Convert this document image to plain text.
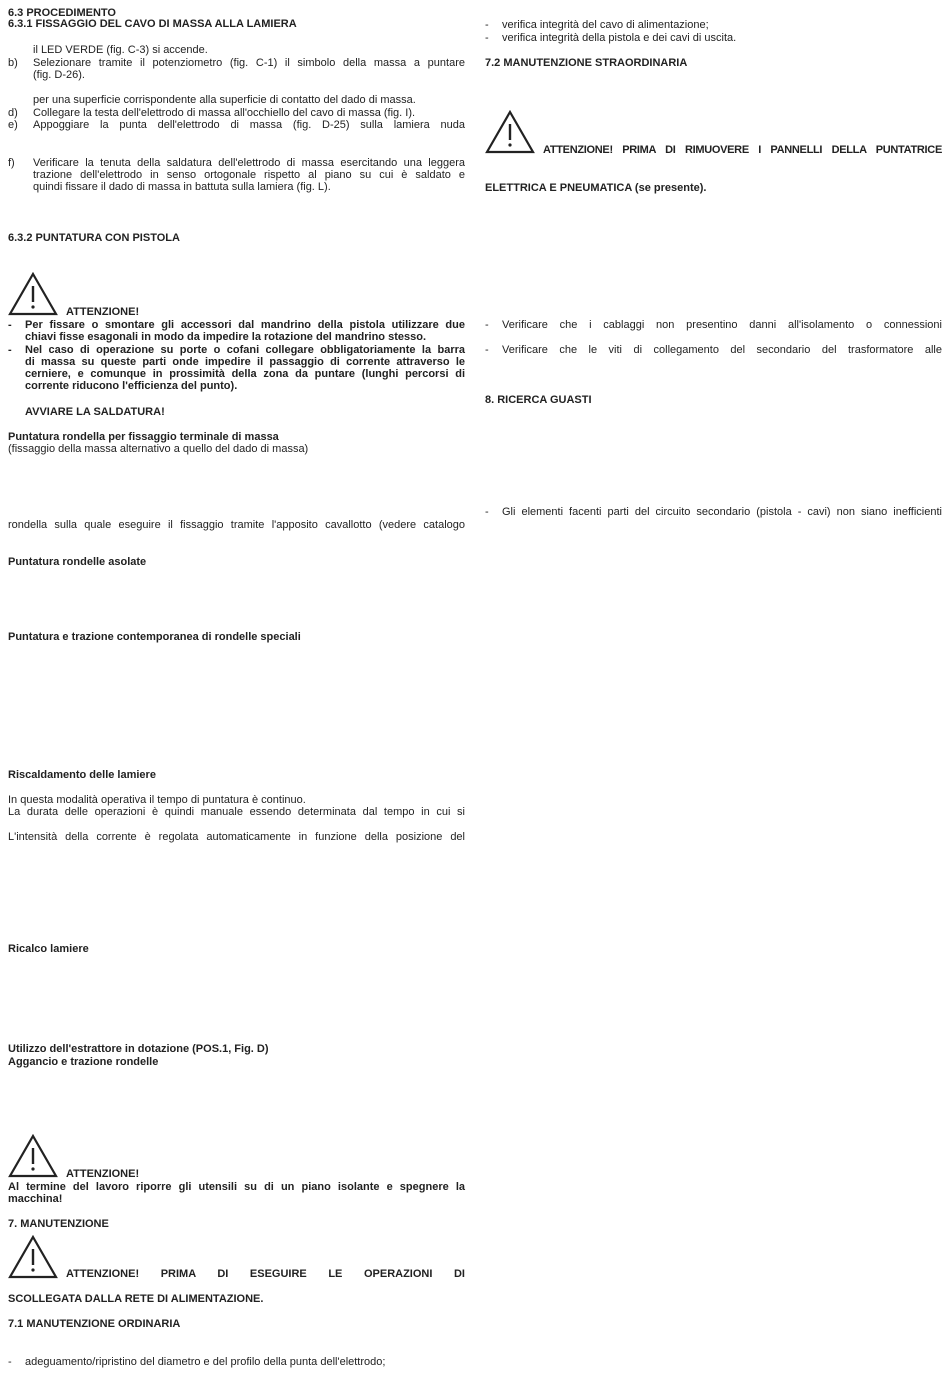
6.3 PROCEDIMENTO
6.3.1 FISSAGGIO DEL CAVO DI MASSA ALLA LAMIERA
il LED VERDE (fig. C-3) si accende.
b) Selezionare tramite il potenziometro (fig. C-1) il simbolo della massa a puntare
(fig. D-26).
per una superficie corrispondente alla superficie di contatto del dado di massa.
d) Collegare la testa dell'elettrodo di massa all'occhiello del cavo di massa (fig. I).
e) Appoggiare la punta dell'elettrodo di massa (fig. D-25) sulla lamiera nuda
f) Verificare la tenuta della saldatura dell'elettrodo di massa esercitando una leggera
trazione dell'elettrodo in senso ortogonale rispetto al piano su cui è saldato e
quindi fissare il dado di massa in battuta sulla lamiera (fig. L).
6.3.2 PUNTATURA CON PISTOLA
ATTENZIONE!
- Per fissare o smontare gli accessori dal mandrino della pistola utilizzare due
chiavi fisse esagonali in modo da impedire la rotazione del mandrino stesso.
- Nel caso di operazione su porte o cofani collegare obbligatoriamente la barra
di massa su queste parti onde impedire il passaggio di corrente attraverso le
cerniere, e comunque in prossimità della zona da puntare (lunghi percorsi di
corrente riducono l'efficienza del punto).
AVVIARE LA SALDATURA!
Puntatura rondella per fissaggio terminale di massa
(fissaggio della massa alternativo a quello del dado di massa)
rondella sulla quale eseguire il fissaggio tramite l'apposito cavallotto (vedere catalogo
Puntatura rondelle asolate
Puntatura e trazione contemporanea di rondelle speciali
Riscaldamento delle lamiere
In questa modalità operativa il tempo di puntatura è continuo.
La durata delle operazioni è quindi manuale essendo determinata dal tempo in cui si
L'intensità della corrente è regolata automaticamente in funzione della posizione del
Ricalco lamiere
Utilizzo dell'estrattore in dotazione (POS.1, Fig. D)
Aggancio e trazione rondelle
ATTENZIONE!
Al termine del lavoro riporre gli utensili su di un piano isolante e spegnere la
macchina!
7. MANUTENZIONE
ATTENZIONE! PRIMA DI ESEGUIRE LE OPERAZIONI DI
SCOLLEGATA DALLA RETE DI ALIMENTAZIONE.
7.1 MANUTENZIONE ORDINARIA
- adeguamento/ripristino del diametro e del profilo della punta dell'elettrodo;
- verifica integrità del cavo di alimentazione;
- verifica integrità della pistola e dei cavi di uscita.
7.2 MANUTENZIONE STRAORDINARIA
ATTENZIONE! PRIMA DI RIMUOVERE I PANNELLI DELLA PUNTATRICE
ELETTRICA E PNEUMATICA (se presente).
- Verificare che i cablaggi non presentino danni all'isolamento o connessioni
- Verificare che le viti di collegamento del secondario del trasformatore alle
8. RICERCA GUASTI
- Gli elementi facenti parti del circuito secondario (pistola - cavi) non siano inefficienti
